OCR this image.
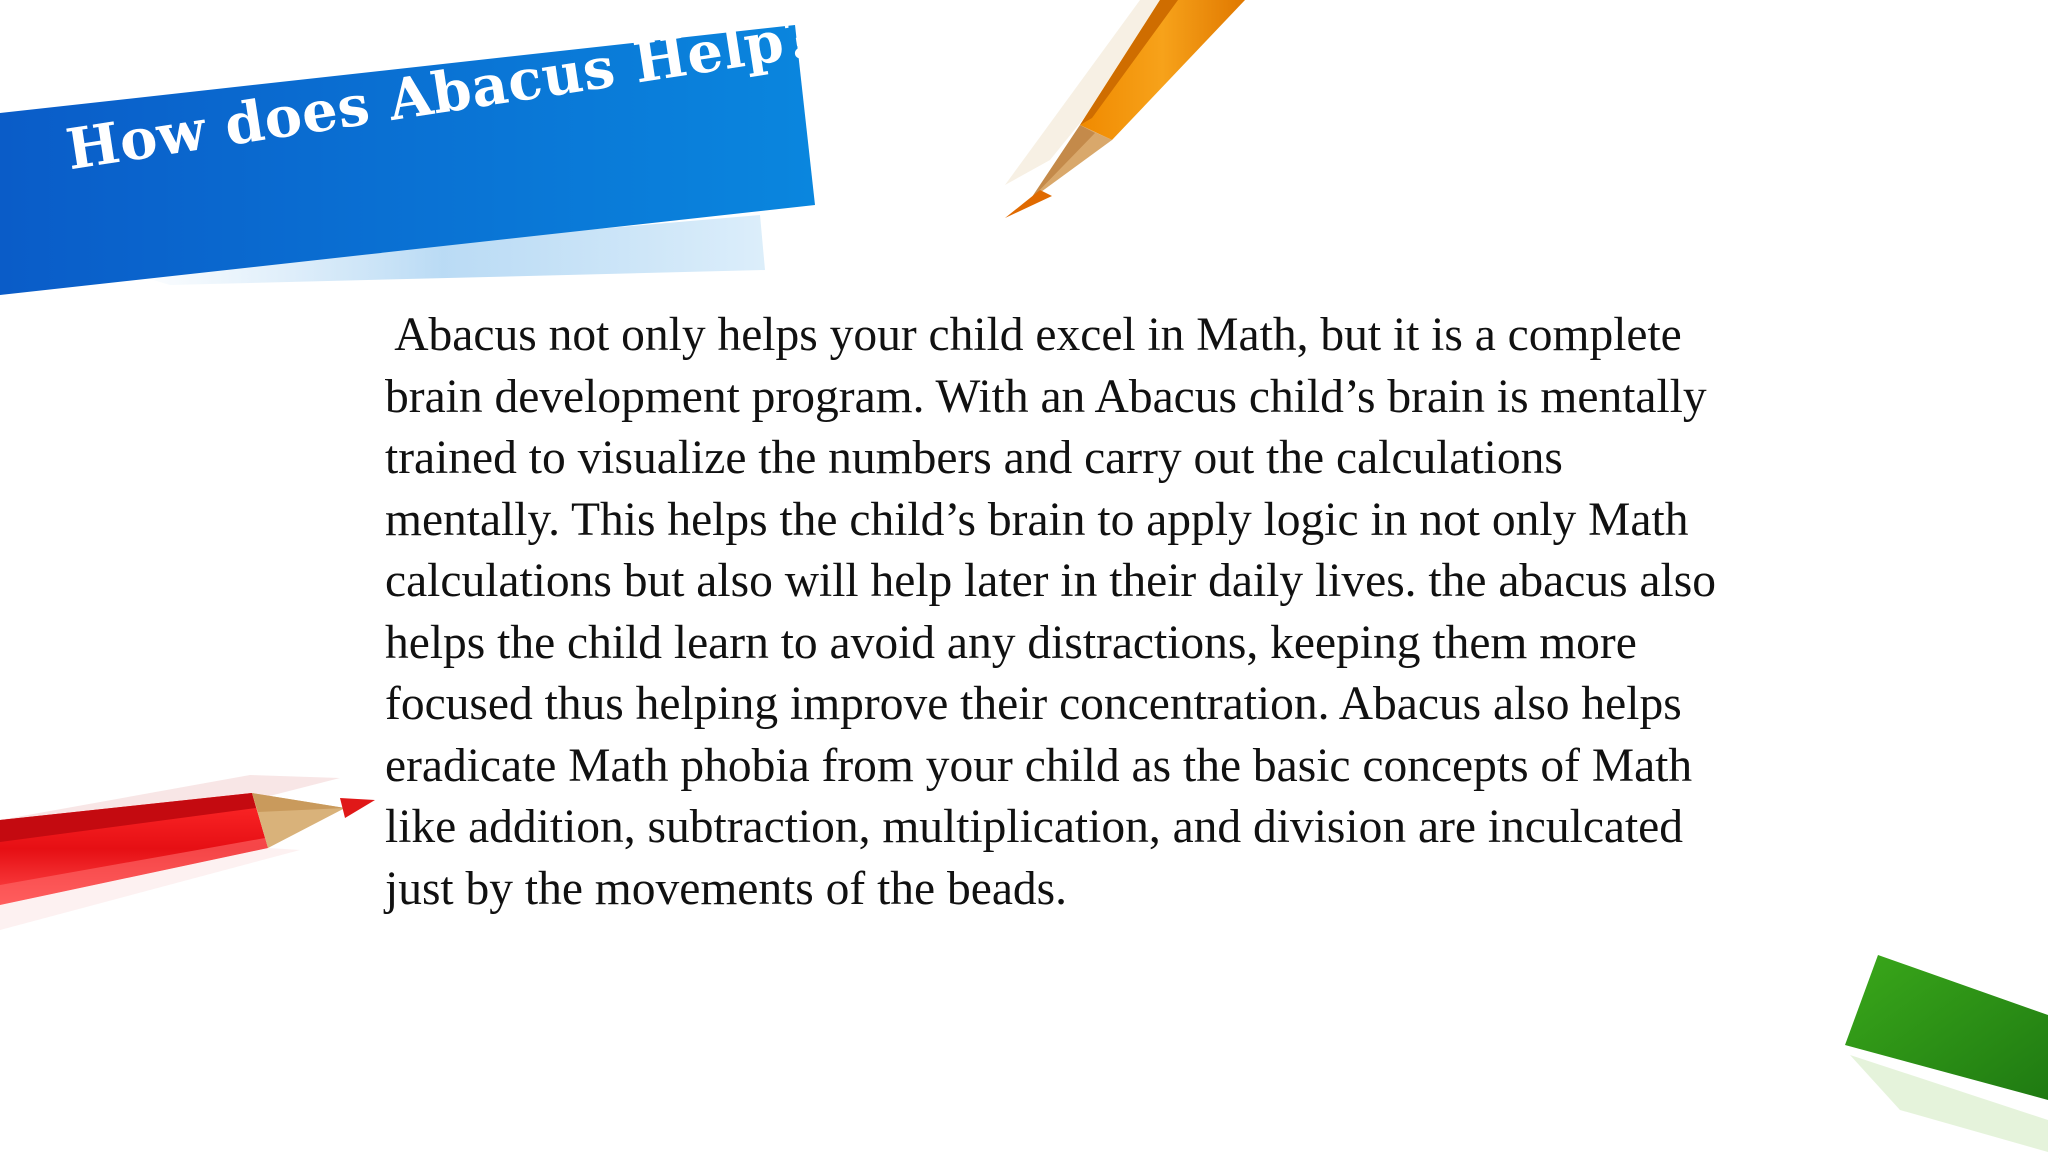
How does Abacus Help?
Abacus not only helps your child excel in Math, but it is a complete
brain development program. With an Abacus child’s brain is mentally
trained to visualize the numbers and carry out the calculations
mentally. This helps the child’s brain to apply logic in not only Math
calculations but also will help later in their daily lives. the abacus also
helps the child learn to avoid any distractions, keeping them more
focused thus helping improve their concentration. Abacus also helps
eradicate Math phobia from your child as the basic concepts of Math
like addition, subtraction, multiplication, and division are inculcated
just by the movements of the beads.
